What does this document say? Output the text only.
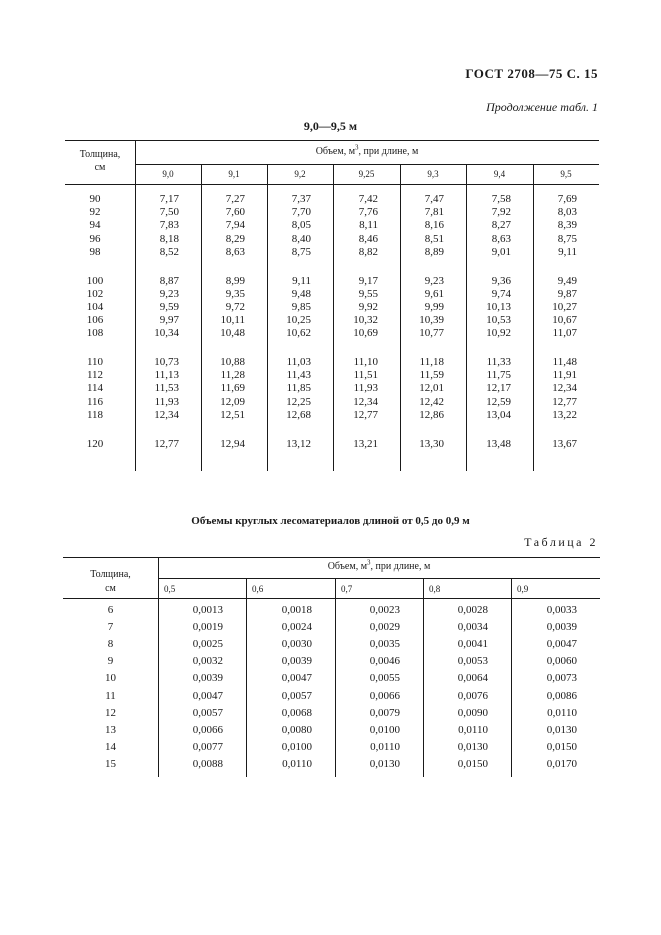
ГОСТ 2708—75 С. 15
Продолжение табл. 1
9,0—9,5 м
Толщина,
см
Объем, $м^3$, при длине, м
9,0	9,1	9,2	9,25	9,3	9,4	9,5
90	7,17	7,27	7,37	7,42	7,47	7,58	7,69
92	7,50	7,60	7,70	7,76	7,81	7,92	8,03
94	7,83	7,94	8,05	8,11	8,16	8,27	8,39
96	8,18	8,29	8,40	8,46	8,51	8,63	8,75
98	8,52	8,63	8,75	8,82	8,89	9,01	9,11
100	8,87	8,99	9,11	9,17	9,23	9,36	9,49
102	9,23	9,35	9,48	9,55	9,61	9,74	9,87
104	9,59	9,72	9,85	9,92	9,99	10,13	10,27
106	9,97	10,11	10,25	10,32	10,39	10,53	10,67
108	10,34	10,48	10,62	10,69	10,77	10,92	11,07
110	10,73	10,88	11,03	11,10	11,18	11,33	11,48
112	11,13	11,28	11,43	11,51	11,59	11,75	11,91
114	11,53	11,69	11,85	11,93	12,01	12,17	12,34
116	11,93	12,09	12,25	12,34	12,42	12,59	12,77
118	12,34	12,51	12,68	12,77	12,86	13,04	13,22
120	12,77	12,94	13,12	13,21	13,30	13,48	13,67
Объемы круглых лесоматериалов длиной от 0,5 до 0,9 м
Таблица 2
Толщина,
см
Объем, $м^3$, при длине, м
0,5	0,6	0,7	0,8	0,9
6	0,0013	0,0018	0,0023	0,0028	0,0033
7	0,0019	0,0024	0,0029	0,0034	0,0039
8	0,0025	0,0030	0,0035	0,0041	0,0047
9	0,0032	0,0039	0,0046	0,0053	0,0060
10	0,0039	0,0047	0,0055	0,0064	0,0073
11	0,0047	0,0057	0,0066	0,0076	0,0086
12	0,0057	0,0068	0,0079	0,0090	0,0110
13	0,0066	0,0080	0,0100	0,0110	0,0130
14	0,0077	0,0100	0,0110	0,0130	0,0150
15	0,0088	0,0110	0,0130	0,0150	0,0170
